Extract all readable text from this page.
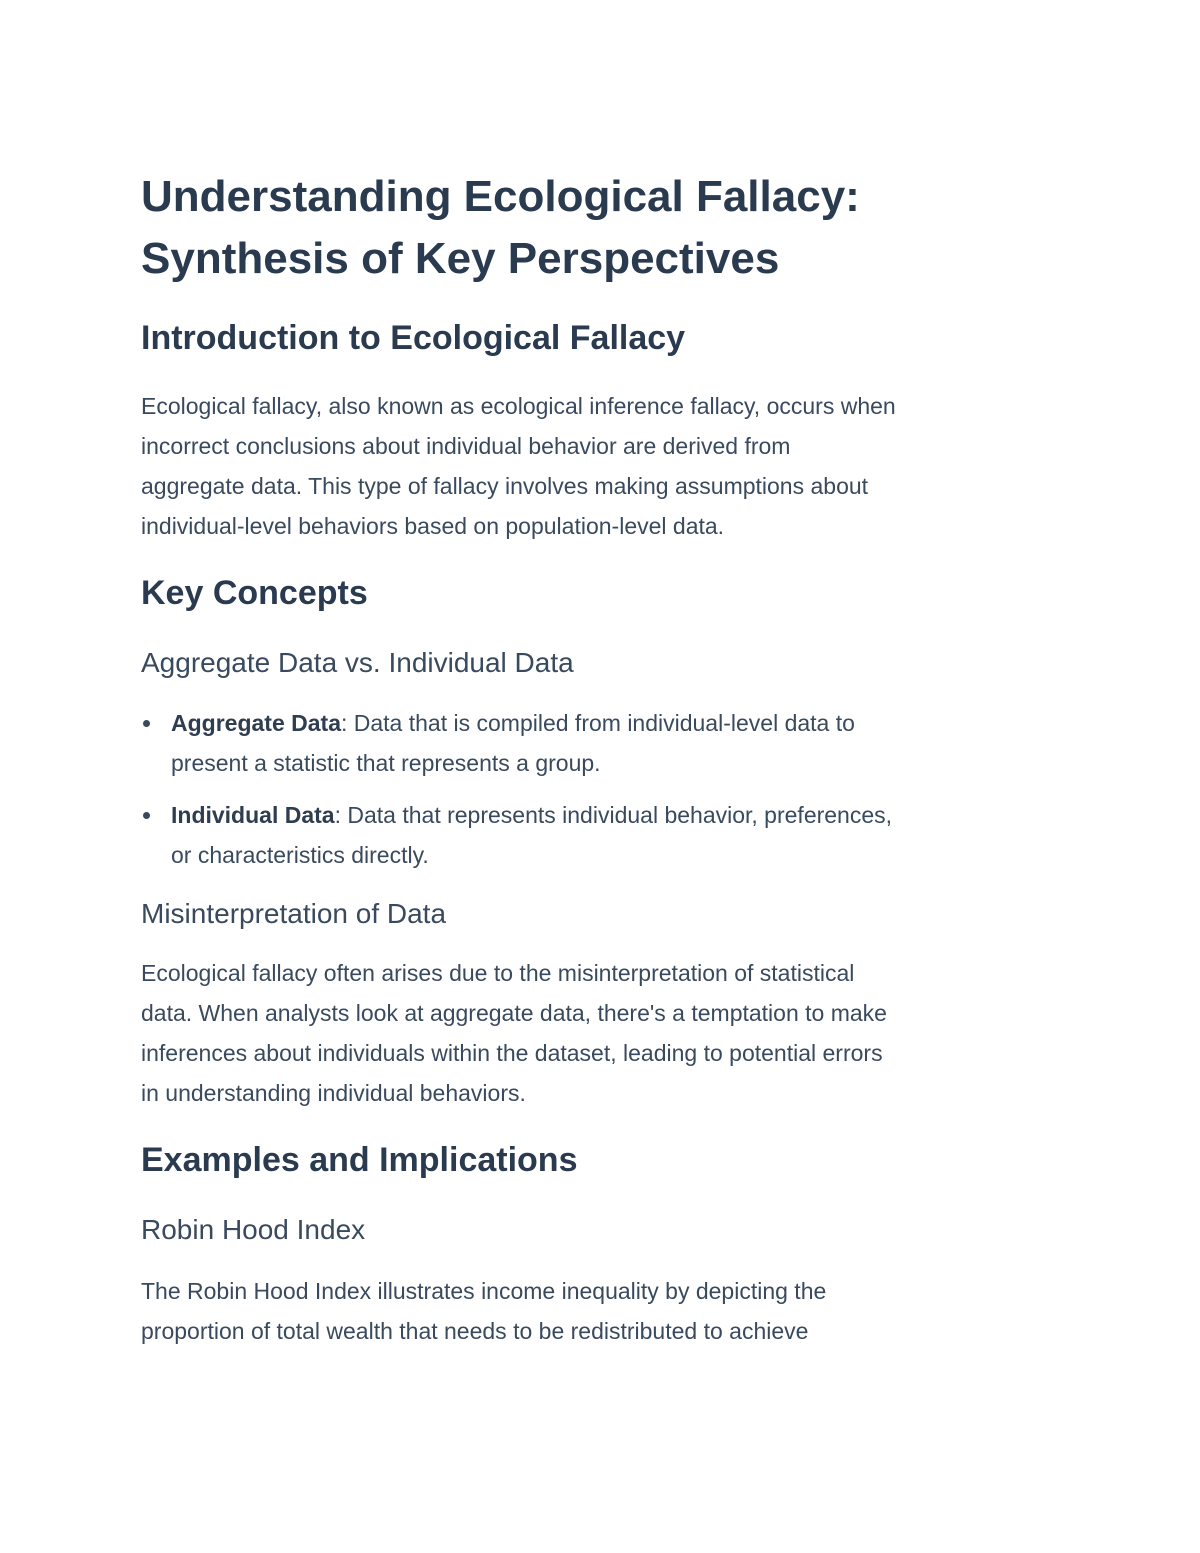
Understanding Ecological Fallacy:
Synthesis of Key Perspectives
Introduction to Ecological Fallacy
Ecological fallacy, also known as ecological inference fallacy, occurs when
incorrect conclusions about individual behavior are derived from
aggregate data. This type of fallacy involves making assumptions about
individual-level behaviors based on population-level data.
Key Concepts
Aggregate Data vs. Individual Data
Aggregate Data: Data that is compiled from individual-level data to
present a statistic that represents a group.
Individual Data: Data that represents individual behavior, preferences,
or characteristics directly.
Misinterpretation of Data
Ecological fallacy often arises due to the misinterpretation of statistical
data. When analysts look at aggregate data, there's a temptation to make
inferences about individuals within the dataset, leading to potential errors
in understanding individual behaviors.
Examples and Implications
Robin Hood Index
The Robin Hood Index illustrates income inequality by depicting the
proportion of total wealth that needs to be redistributed to achieve
